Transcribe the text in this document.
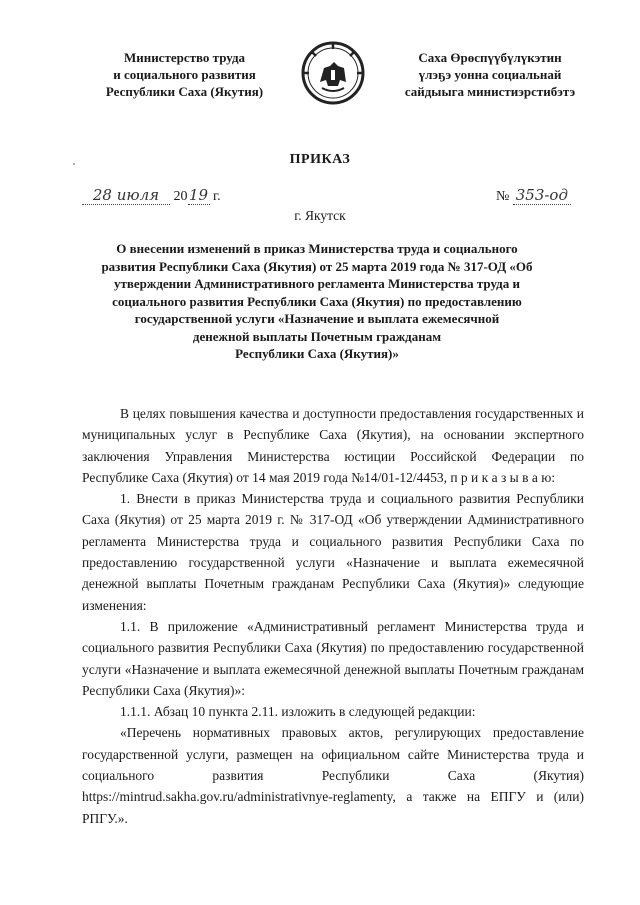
Министерство труда
и социального развития
Республики Саха (Якутия)
Саха Өрөспүүбүлүкэтин
үлэҕэ уонна социальнай
сайдыыга министиэрстибэтэ
ПРИКАЗ
28 июля 2019 г.	№ 353-од
г. Якутск
О внесении изменений в приказ Министерства труда и социального
развития Республики Саха (Якутия) от 25 марта 2019 года № 317-ОД «Об
утверждении Административного регламента Министерства труда и
социального развития Республики Саха (Якутия) по предоставлению
государственной услуги «Назначение и выплата ежемесячной
денежной выплаты Почетным гражданам
Республики Саха (Якутия)»

В целях повышения качества и доступности предоставления государственных и муниципальных услуг в Республике Саха (Якутия), на основании экспертного заключения Управления Министерства юстиции Российской Федерации по Республике Саха (Якутия) от 14 мая 2019 года №14/01-12/4453, п р и к а з ы в а ю:

1. Внести в приказ Министерства труда и социального развития Республики Саха (Якутия) от 25 марта 2019 г. № 317-ОД «Об утверждении Административного регламента Министерства труда и социального развития Республики Саха по предоставлению государственной услуги «Назначение и выплата ежемесячной денежной выплаты Почетным гражданам Республики Саха (Якутия)» следующие изменения:

1.1. В приложение «Административный регламент Министерства труда и социального развития Республики Саха (Якутия) по предоставлению государственной услуги «Назначение и выплата ежемесячной денежной выплаты Почетным гражданам Республики Саха (Якутия)»:

1.1.1. Абзац 10 пункта 2.11. изложить в следующей редакции:

«Перечень нормативных правовых актов, регулирующих предоставление государственной услуги, размещен на официальном сайте Министерства труда и социального развития Республики Саха (Якутия) https://mintrud.sakha.gov.ru/administrativnye-reglamenty, а также на ЕПГУ и (или) РПГУ.».
